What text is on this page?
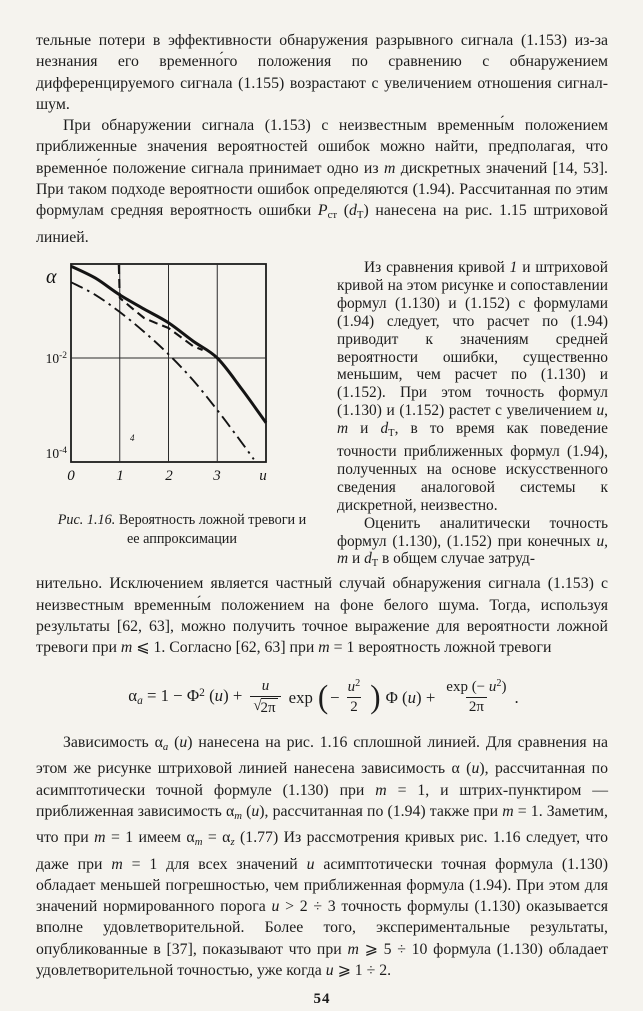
тельные потери в эффективности обнаружения разрывного сигнала (1.153) из-за незнания его временно́го положения по сравнению с обнаружением дифференцируемого сигнала (1.155) возрастают с увеличением отношения сигнал-шум.

При обнаружении сигнала (1.153) с неизвестным временны́м положением приближенные значения вероятностей ошибок можно найти, предполагая, что временно́е положение сигнала принимает одно из m дискретных значений [14, 53]. При таком подходе вероятности ошибок определяются (1.94). Рассчитанная по этим формулам средняя вероятность ошибки $P_{ст}$ $(d_T)$ нанесена на рис. 1.15 штриховой линией.

α
$10^{-2}$
$10^{-4}$
0	1	2	3	u
4
Рис. 1.16. Вероятность ложной тревоги и ее аппроксимации

Из сравнения кривой 1 и штриховой кривой на этом рисунке и сопоставлении формул (1.130) и (1.152) с формулами (1.94) следует, что расчет по (1.94) приводит к значениям средней вероятности ошибки, существенно меньшим, чем расчет по (1.130) и (1.152). При этом точность формул (1.130) и (1.152) растет с увеличением u, m и $d_T$, в то время как поведение точности приближенных формул (1.94), полученных на основе искусственного сведения аналоговой системы к дискретной, неизвестно.

Оценить аналитически точность формул (1.130), (1.152) при конечных u, m и $d_T$ в общем случае затруд-

нительно. Исключением является частный случай обнаружения сигнала (1.153) с неизвестным временны́м положением на фоне белого шума. Тогда, используя результаты [62, 63], можно получить точное выражение для вероятности ложной тревоги при m ⩽ 1. Согласно [62, 63] при m = 1 вероятность ложной тревоги

$\alpha_a = 1 - \Phi^2$ $(u) + \frac{u}{√ 2\pi}$ exp ( − $\frac{u^2}{2}$ ) Φ $(u) + \frac{\exp (- u^2)}{2\pi}$ .

Зависимость $\alpha_a$ (u) нанесена на рис. 1.16 сплошной линией. Для сравнения на этом же рисунке штриховой линией нанесена зависимость α (u), рассчитанная по асимптотически точной формуле (1.130) при m = 1, и штрих-пунктиром — приближенная зависимость $\alpha_m$ (u), рассчитанная по (1.94) также при m = 1. Заметим, что при m = 1 имеем $\alpha_m = \alpha_z$ (1.77) Из рассмотрения кривых рис. 1.16 следует, что даже при m = 1 для всех значений u асимптотически точная формула (1.130) обладает меньшей погрешностью, чем приближенная формула (1.94). При этом для значений нормированного порога u > 2 ÷ 3 точность формулы (1.130) оказывается вполне удовлетворительной. Более того, экспериментальные результаты, опубликованные в [37], показывают что при m ⩾ 5 ÷ 10 формула (1.130) обладает удовлетворительной точностью, уже когда u ⩾ 1 ÷ 2.

54
